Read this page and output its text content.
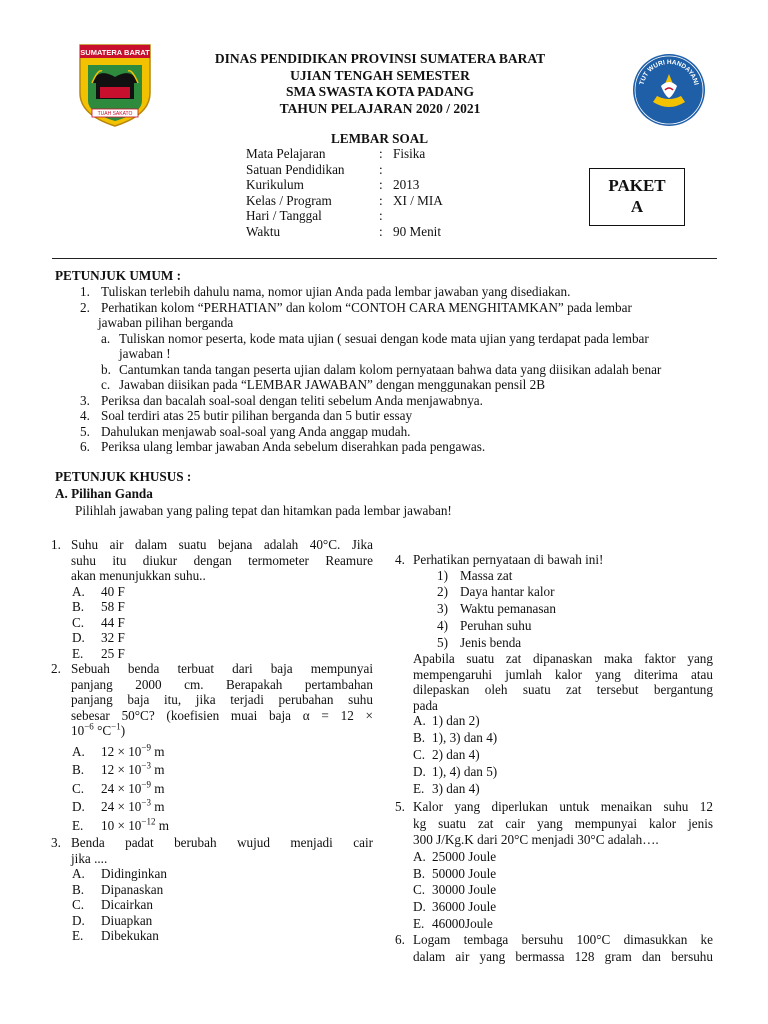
SUMATERA BARAT
TUAH SAKATO
TUT WURI HANDAYANI
DINAS PENDIDIKAN PROVINSI SUMATERA BARAT
UJIAN TENGAH SEMESTER
SMA SWASTA KOTA PADANG
TAHUN PELAJARAN 2020 / 2021
LEMBAR SOAL
Mata Pelajaran	: Fisika
Satuan Pendidikan	:
Kurikulum	: 2013
Kelas / Program	: XI / MIA
Hari / Tanggal	:
Waktu	: 90 Menit
PAKET
A
PETUNJUK UMUM :
1. Tuliskan terlebih dahulu nama, nomor ujian Anda pada lembar jawaban yang disediakan.
2. Perhatikan kolom “PERHATIAN” dan kolom “CONTOH CARA MENGHITAMKAN” pada lembar
jawaban pilihan berganda
a. Tuliskan nomor peserta, kode mata ujian ( sesuai dengan kode mata ujian yang terdapat pada lembar
jawaban !
b. Cantumkan tanda tangan peserta ujian dalam kolom pernyataan bahwa data yang diisikan adalah benar
c. Jawaban diisikan pada “LEMBAR JAWABAN” dengan menggunakan pensil 2B
3. Periksa dan bacalah soal-soal dengan teliti sebelum Anda menjawabnya.
4. Soal terdiri atas 25 butir pilihan berganda dan 5 butir essay
5. Dahulukan menjawab soal-soal yang Anda anggap mudah.
6. Periksa ulang lembar jawaban Anda sebelum diserahkan pada pengawas.
PETUNJUK KHUSUS :
A. Pilihan Ganda
Pilihlah jawaban yang paling tepat dan hitamkan pada lembar jawaban!
1. Suhu air dalam suatu bejana adalah 40°C. Jika
suhu itu diukur dengan termometer Reamure
akan menunjukkan suhu..
A. 40 F
B. 58 F
C. 44 F
D. 32 F
E. 25 F
2. Sebuah benda terbuat dari baja mempunyai
panjang 2000 cm. Berapakah pertambahan
panjang baja itu, jika terjadi perubahan suhu
sebesar 50°C? (koefisien muai baja α = 12 ×
$10^{-6}$ $^\circ C^{-1}$)
A. $12 \times 10^{-9}$ m
B. $12 \times 10^{-3}$ m
C. $24 \times 10^{-9}$ m
D. $24 \times 10^{-3}$ m
E. $10 \times 10^{-12}$ m
3. Benda padat berubah wujud menjadi cair
jika ....
A. Didinginkan
B. Dipanaskan
C. Dicairkan
D. Diuapkan
E. Dibekukan
4. Perhatikan pernyataan di bawah ini!
1) Massa zat
2) Daya hantar kalor
3) Waktu pemanasan
4) Peruhan suhu
5) Jenis benda
Apabila suatu zat dipanaskan maka faktor yang
mempengaruhi jumlah kalor yang diterima atau
dilepaskan oleh suatu zat tersebut bergantung
pada
A. 1) dan 2)
B. 1), 3) dan 4)
C. 2) dan 4)
D. 1), 4) dan 5)
E. 3) dan 4)
5. Kalor yang diperlukan untuk menaikan suhu 12
kg suatu zat cair yang mempunyai kalor jenis
300 J/Kg.K dari 20°C menjadi 30°C adalah….
A. 25000 Joule
B. 50000 Joule
C. 30000 Joule
D. 36000 Joule
E. 46000Joule
6. Logam tembaga bersuhu 100°C dimasukkan ke
dalam air yang bermassa 128 gram dan bersuhu
